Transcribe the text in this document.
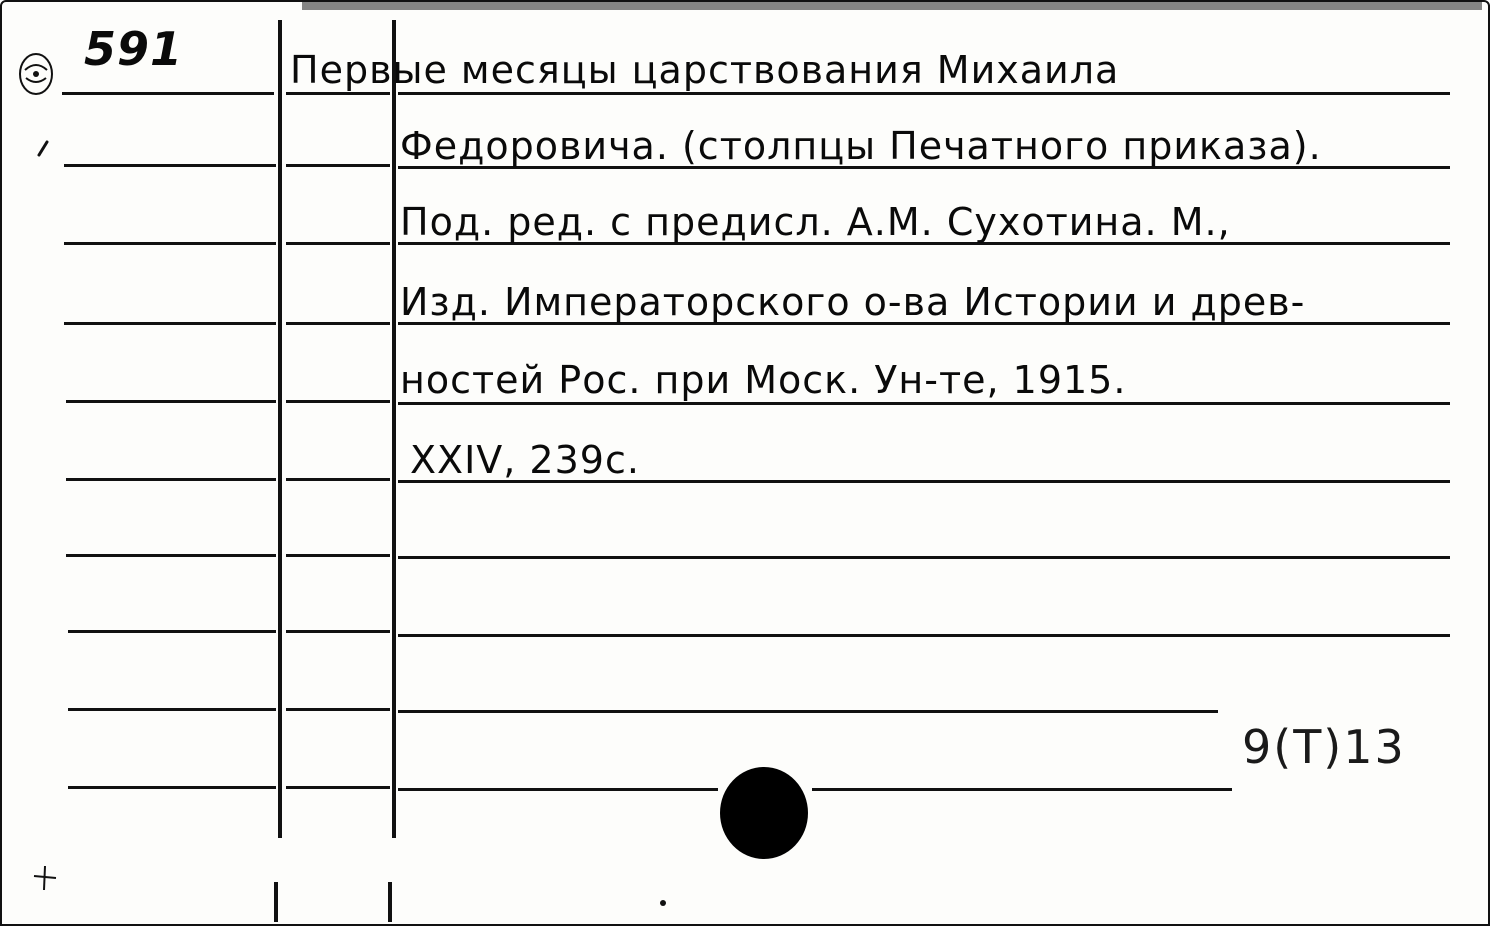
591	Первые месяцы царствования Михаила
Федоровича. (столпцы Печатного приказа).
Под. ред. с предисл. А.М. Сухотина. М.,
Изд. Императорского о-ва Истории и древ-
ностей Рос. при Моск. Ун-те, 1915.
XXIV, 239с.
9(Т)13
